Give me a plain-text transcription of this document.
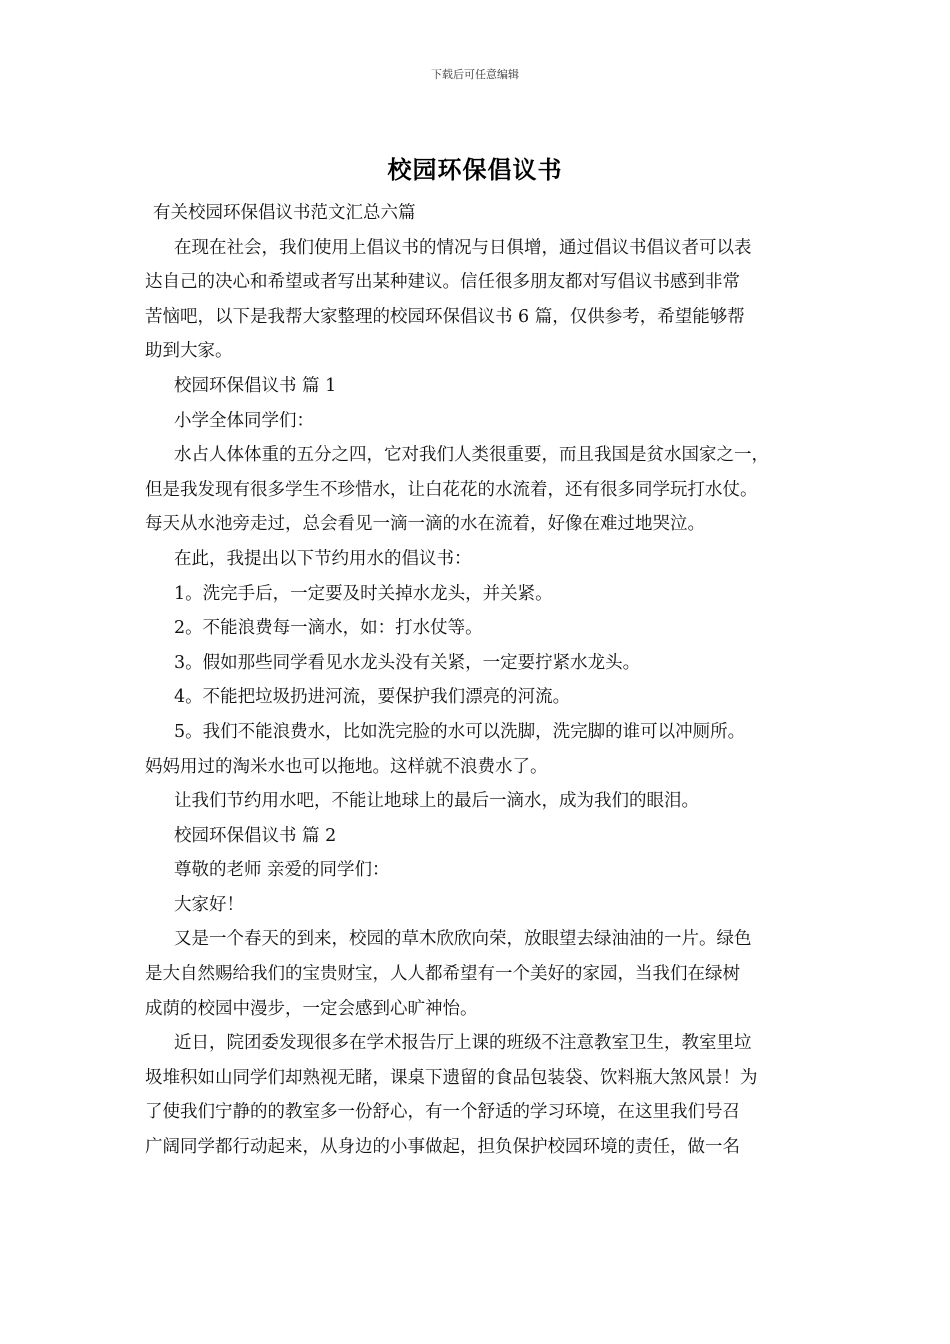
下载后可任意编辑
校园环保倡议书
有关校园环保倡议书范文汇总六篇
在现在社会，我们使用上倡议书的情况与日俱增，通过倡议书倡议者可以表
达自己的决心和希望或者写出某种建议。信任很多朋友都对写倡议书感到非常
苦恼吧，以下是我帮大家整理的校园环保倡议书 6 篇，仅供参考，希望能够帮
助到大家。
校园环保倡议书 篇 1
小学全体同学们：
水占人体体重的五分之四，它对我们人类很重要，而且我国是贫水国家之一，
但是我发现有很多学生不珍惜水，让白花花的水流着，还有很多同学玩打水仗。
每天从水池旁走过，总会看见一滴一滴的水在流着，好像在难过地哭泣。
在此，我提出以下节约用水的倡议书：
1。洗完手后，一定要及时关掉水龙头，并关紧。
2。不能浪费每一滴水，如：打水仗等。
3。假如那些同学看见水龙头没有关紧，一定要拧紧水龙头。
4。不能把垃圾扔进河流，要保护我们漂亮的河流。
5。我们不能浪费水，比如洗完脸的水可以洗脚，洗完脚的谁可以冲厕所。
妈妈用过的淘米水也可以拖地。这样就不浪费水了。
让我们节约用水吧，不能让地球上的最后一滴水，成为我们的眼泪。
校园环保倡议书 篇 2
尊敬的老师 亲爱的同学们：
大家好！
又是一个春天的到来，校园的草木欣欣向荣，放眼望去绿油油的一片。绿色
是大自然赐给我们的宝贵财宝，人人都希望有一个美好的家园，当我们在绿树
成荫的校园中漫步，一定会感到心旷神怡。
近日，院团委发现很多在学术报告厅上课的班级不注意教室卫生，教室里垃
圾堆积如山同学们却熟视无睹，课桌下遗留的食品包装袋、饮料瓶大煞风景！为
了使我们宁静的的教室多一份舒心，有一个舒适的学习环境，在这里我们号召
广阔同学都行动起来，从身边的小事做起，担负保护校园环境的责任，做一名
